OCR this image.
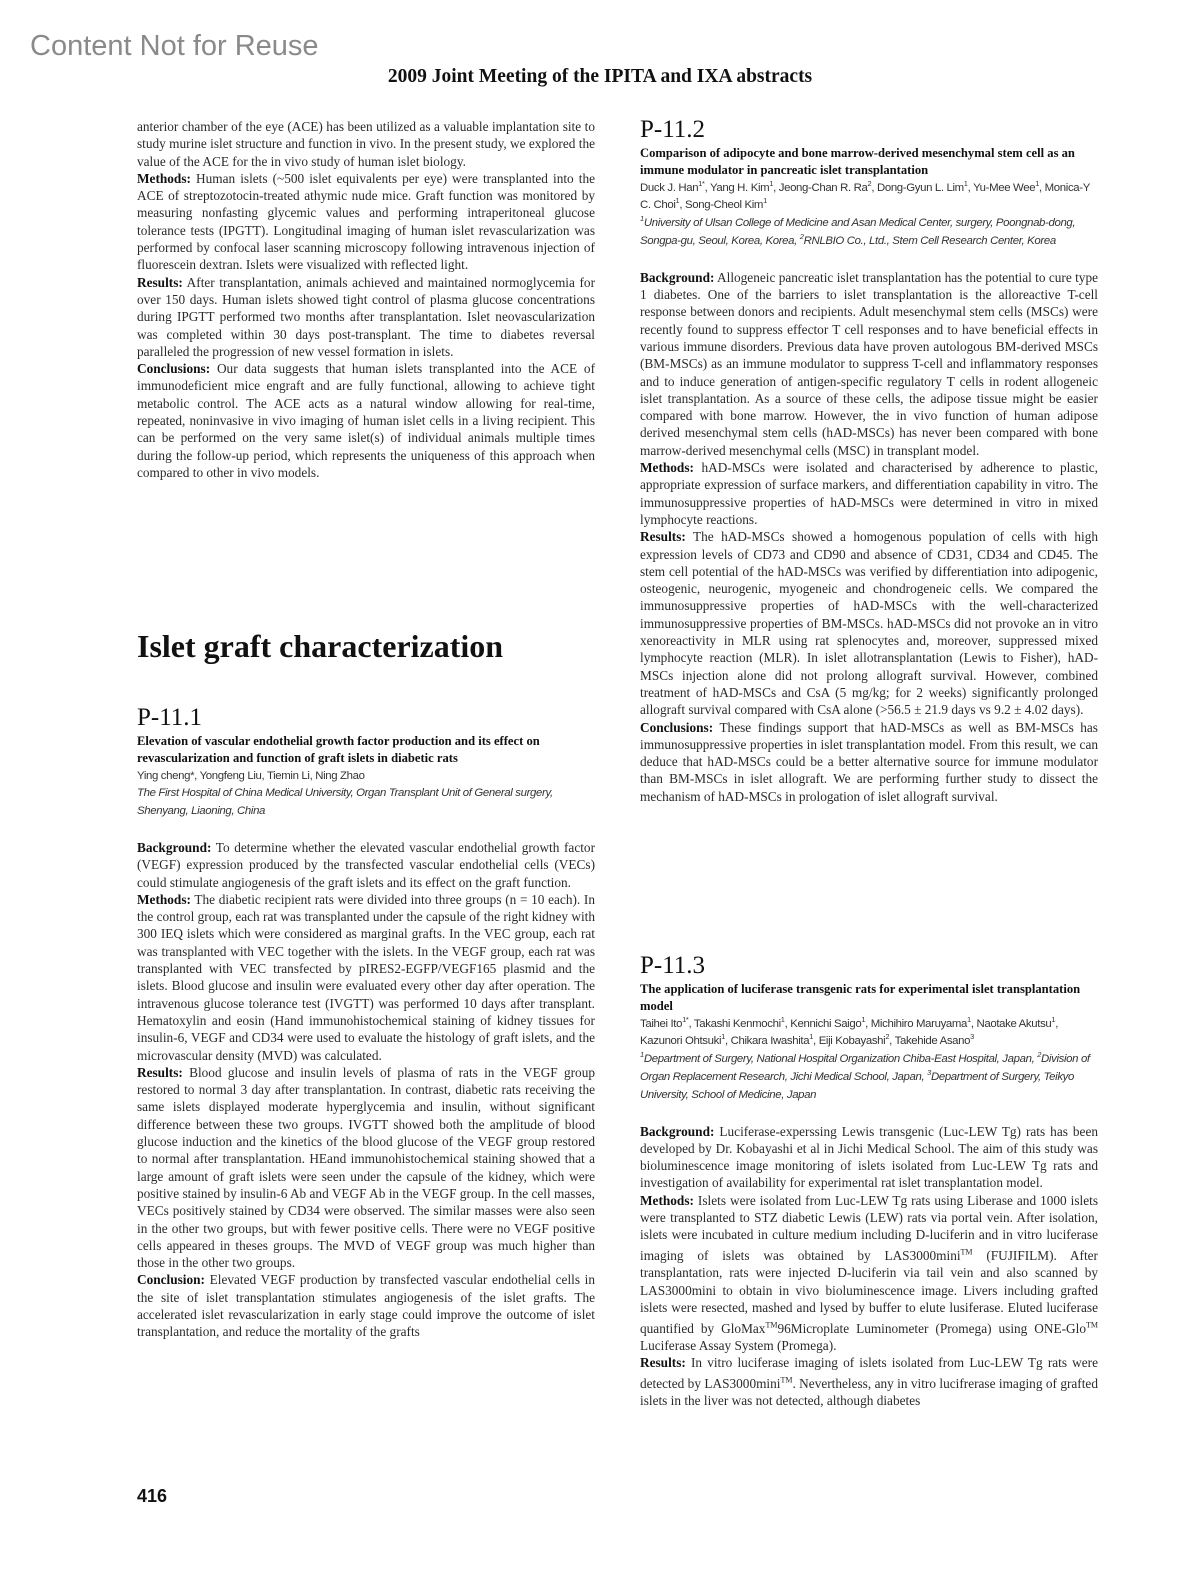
Content Not for Reuse
2009 Joint Meeting of the IPITA and IXA abstracts

anterior chamber of the eye (ACE) has been utilized as a valuable implantation site to study murine islet structure and function in vivo. In the present study, we explored the value of the ACE for the in vivo study of human islet biology.

Methods: Human islets (~500 islet equivalents per eye) were transplanted into the ACE of streptozotocin-treated athymic nude mice. Graft function was monitored by measuring nonfasting glycemic values and performing intraperitoneal glucose tolerance tests (IPGTT). Longitudinal imaging of human islet revascularization was performed by confocal laser scanning microscopy following intravenous injection of fluorescein dextran. Islets were visualized with reflected light.

Results: After transplantation, animals achieved and maintained normoglycemia for over 150 days. Human islets showed tight control of plasma glucose concentrations during IPGTT performed two months after transplantation. Islet neovascularization was completed within 30 days post-transplant. The time to diabetes reversal paralleled the progression of new vessel formation in islets.

Conclusions: Our data suggests that human islets transplanted into the ACE of immunodeficient mice engraft and are fully functional, allowing to achieve tight metabolic control. The ACE acts as a natural window allowing for real-time, repeated, noninvasive in vivo imaging of human islet cells in a living recipient. This can be performed on the very same islet(s) of individual animals multiple times during the follow-up period, which represents the uniqueness of this approach when compared to other in vivo models.

Islet graft characterization
P-11.1
Elevation of vascular endothelial growth factor production and its effect on revascularization and function of graft islets in diabetic rats
Ying cheng*, Yongfeng Liu, Tiemin Li, Ning Zhao
The First Hospital of China Medical University, Organ Transplant Unit of General surgery, Shenyang, Liaoning, China

Background: To determine whether the elevated vascular endothelial growth factor (VEGF) expression produced by the transfected vascular endothelial cells (VECs) could stimulate angiogenesis of the graft islets and its effect on the graft function.

Methods: The diabetic recipient rats were divided into three groups (n = 10 each). In the control group, each rat was transplanted under the capsule of the right kidney with 300 IEQ islets which were considered as marginal grafts. In the VEC group, each rat was transplanted with VEC together with the islets. In the VEGF group, each rat was transplanted with VEC transfected by pIRES2-EGFP/VEGF165 plasmid and the islets. Blood glucose and insulin were evaluated every other day after operation. The intravenous glucose tolerance test (IVGTT) was performed 10 days after transplant. Hematoxylin and eosin (Hand immunohistochemical staining of kidney tissues for insulin-6, VEGF and CD34 were used to evaluate the histology of graft islets, and the microvascular density (MVD) was calculated.

Results: Blood glucose and insulin levels of plasma of rats in the VEGF group restored to normal 3 day after transplantation. In contrast, diabetic rats receiving the same islets displayed moderate hyperglycemia and insulin, without significant difference between these two groups. IVGTT showed both the amplitude of blood glucose induction and the kinetics of the blood glucose of the VEGF group restored to normal after transplantation. HEand immunohistochemical staining showed that a large amount of graft islets were seen under the capsule of the kidney, which were positive stained by insulin-6 Ab and VEGF Ab in the VEGF group. In the cell masses, VECs positively stained by CD34 were observed. The similar masses were also seen in the other two groups, but with fewer positive cells. There were no VEGF positive cells appeared in theses groups. The MVD of VEGF group was much higher than those in the other two groups.

Conclusion: Elevated VEGF production by transfected vascular endothelial cells in the site of islet transplantation stimulates angiogenesis of the islet grafts. The accelerated islet revascularization in early stage could improve the outcome of islet transplantation, and reduce the mortality of the grafts

P-11.2
Comparison of adipocyte and bone marrow-derived mesenchymal stem cell as an immune modulator in pancreatic islet transplantation
Duck J. Han$^{1*}$, Yang H. Kim$^1$, Jeong-Chan R. Ra$^2$, Dong-Gyun L. Lim$^1$, Yu-Mee Wee$^1$, Monica-Y C. Choi$^1$, Song-Cheol Kim$^1$
$^1$University of Ulsan College of Medicine and Asan Medical Center, surgery, Poongnab-dong, Songpa-gu, Seoul, Korea, Korea, $^2$RNLBIO Co., Ltd., Stem Cell Research Center, Korea

Background: Allogeneic pancreatic islet transplantation has the potential to cure type 1 diabetes. One of the barriers to islet transplantation is the alloreactive T-cell response between donors and recipients. Adult mesenchymal stem cells (MSCs) were recently found to suppress effector T cell responses and to have beneficial effects in various immune disorders. Previous data have proven autologous BM-derived MSCs (BM-MSCs) as an immune modulator to suppress T-cell and inflammatory responses and to induce generation of antigen-specific regulatory T cells in rodent allogeneic islet transplantation. As a source of these cells, the adipose tissue might be easier compared with bone marrow. However, the in vivo function of human adipose derived mesenchymal stem cells (hAD-MSCs) has never been compared with bone marrow-derived mesenchymal cells (MSC) in transplant model.

Methods: hAD-MSCs were isolated and characterised by adherence to plastic, appropriate expression of surface markers, and differentiation capability in vitro. The immunosuppressive properties of hAD-MSCs were determined in vitro in mixed lymphocyte reactions.

Results: The hAD-MSCs showed a homogenous population of cells with high expression levels of CD73 and CD90 and absence of CD31, CD34 and CD45. The stem cell potential of the hAD-MSCs was verified by differentiation into adipogenic, osteogenic, neurogenic, myogeneic and chondrogeneic cells. We compared the immunosuppressive properties of hAD-MSCs with the well-characterized immunosuppressive properties of BM-MSCs. hAD-MSCs did not provoke an in vitro xenoreactivity in MLR using rat splenocytes and, moreover, suppressed mixed lymphocyte reaction (MLR). In islet allotransplantation (Lewis to Fisher), hAD-MSCs injection alone did not prolong allograft survival. However, combined treatment of hAD-MSCs and CsA (5 mg/kg; for 2 weeks) significantly prolonged allograft survival compared with CsA alone (>56.5 ± 21.9 days vs 9.2 ± 4.02 days).

Conclusions: These findings support that hAD-MSCs as well as BM-MSCs has immunosuppressive properties in islet transplantation model. From this result, we can deduce that hAD-MSCs could be a better alternative source for immune modulator than BM-MSCs in islet allograft. We are performing further study to dissect the mechanism of hAD-MSCs in prologation of islet allograft survival.

P-11.3
The application of luciferase transgenic rats for experimental islet transplantation model
Taihei Ito$^{1*}$, Takashi Kenmochi$^1$, Kennichi Saigo$^1$, Michihiro Maruyama$^1$, Naotake Akutsu$^1$, Kazunori Ohtsuki$^1$, Chikara Iwashita$^1$, Eiji Kobayashi$^2$, Takehide Asano$^3$
$^1$Department of Surgery, National Hospital Organization Chiba-East Hospital, Japan, $^2$Division of Organ Replacement Research, Jichi Medical School, Japan, $^3$Department of Surgery, Teikyo University, School of Medicine, Japan

Background: Luciferase-experssing Lewis transgenic (Luc-LEW Tg) rats has been developed by Dr. Kobayashi et al in Jichi Medical School. The aim of this study was bioluminescence image monitoring of islets isolated from Luc-LEW Tg rats and investigation of availability for experimental rat islet transplantation model.

Methods: Islets were isolated from Luc-LEW Tg rats using Liberase and 1000 islets were transplanted to STZ diabetic Lewis (LEW) rats via portal vein. After isolation, islets were incubated in culture medium including D-luciferin and in vitro luciferase imaging of islets was obtained by LAS3000mini™ (FUJIFILM). After transplantation, rats were injected D-luciferin via tail vein and also scanned by LAS3000mini to obtain in vivo bioluminescence image. Livers including grafted islets were resected, mashed and lysed by buffer to elute lusiferase. Eluted luciferase quantified by GloMax™96Microplate Luminometer (Promega) using ONE-Glo™ Luciferase Assay System (Promega).

Results: In vitro luciferase imaging of islets isolated from Luc-LEW Tg rats were detected by LAS3000mini™. Nevertheless, any in vitro lucifrerase imaging of grafted islets in the liver was not detected, although diabetes

416
